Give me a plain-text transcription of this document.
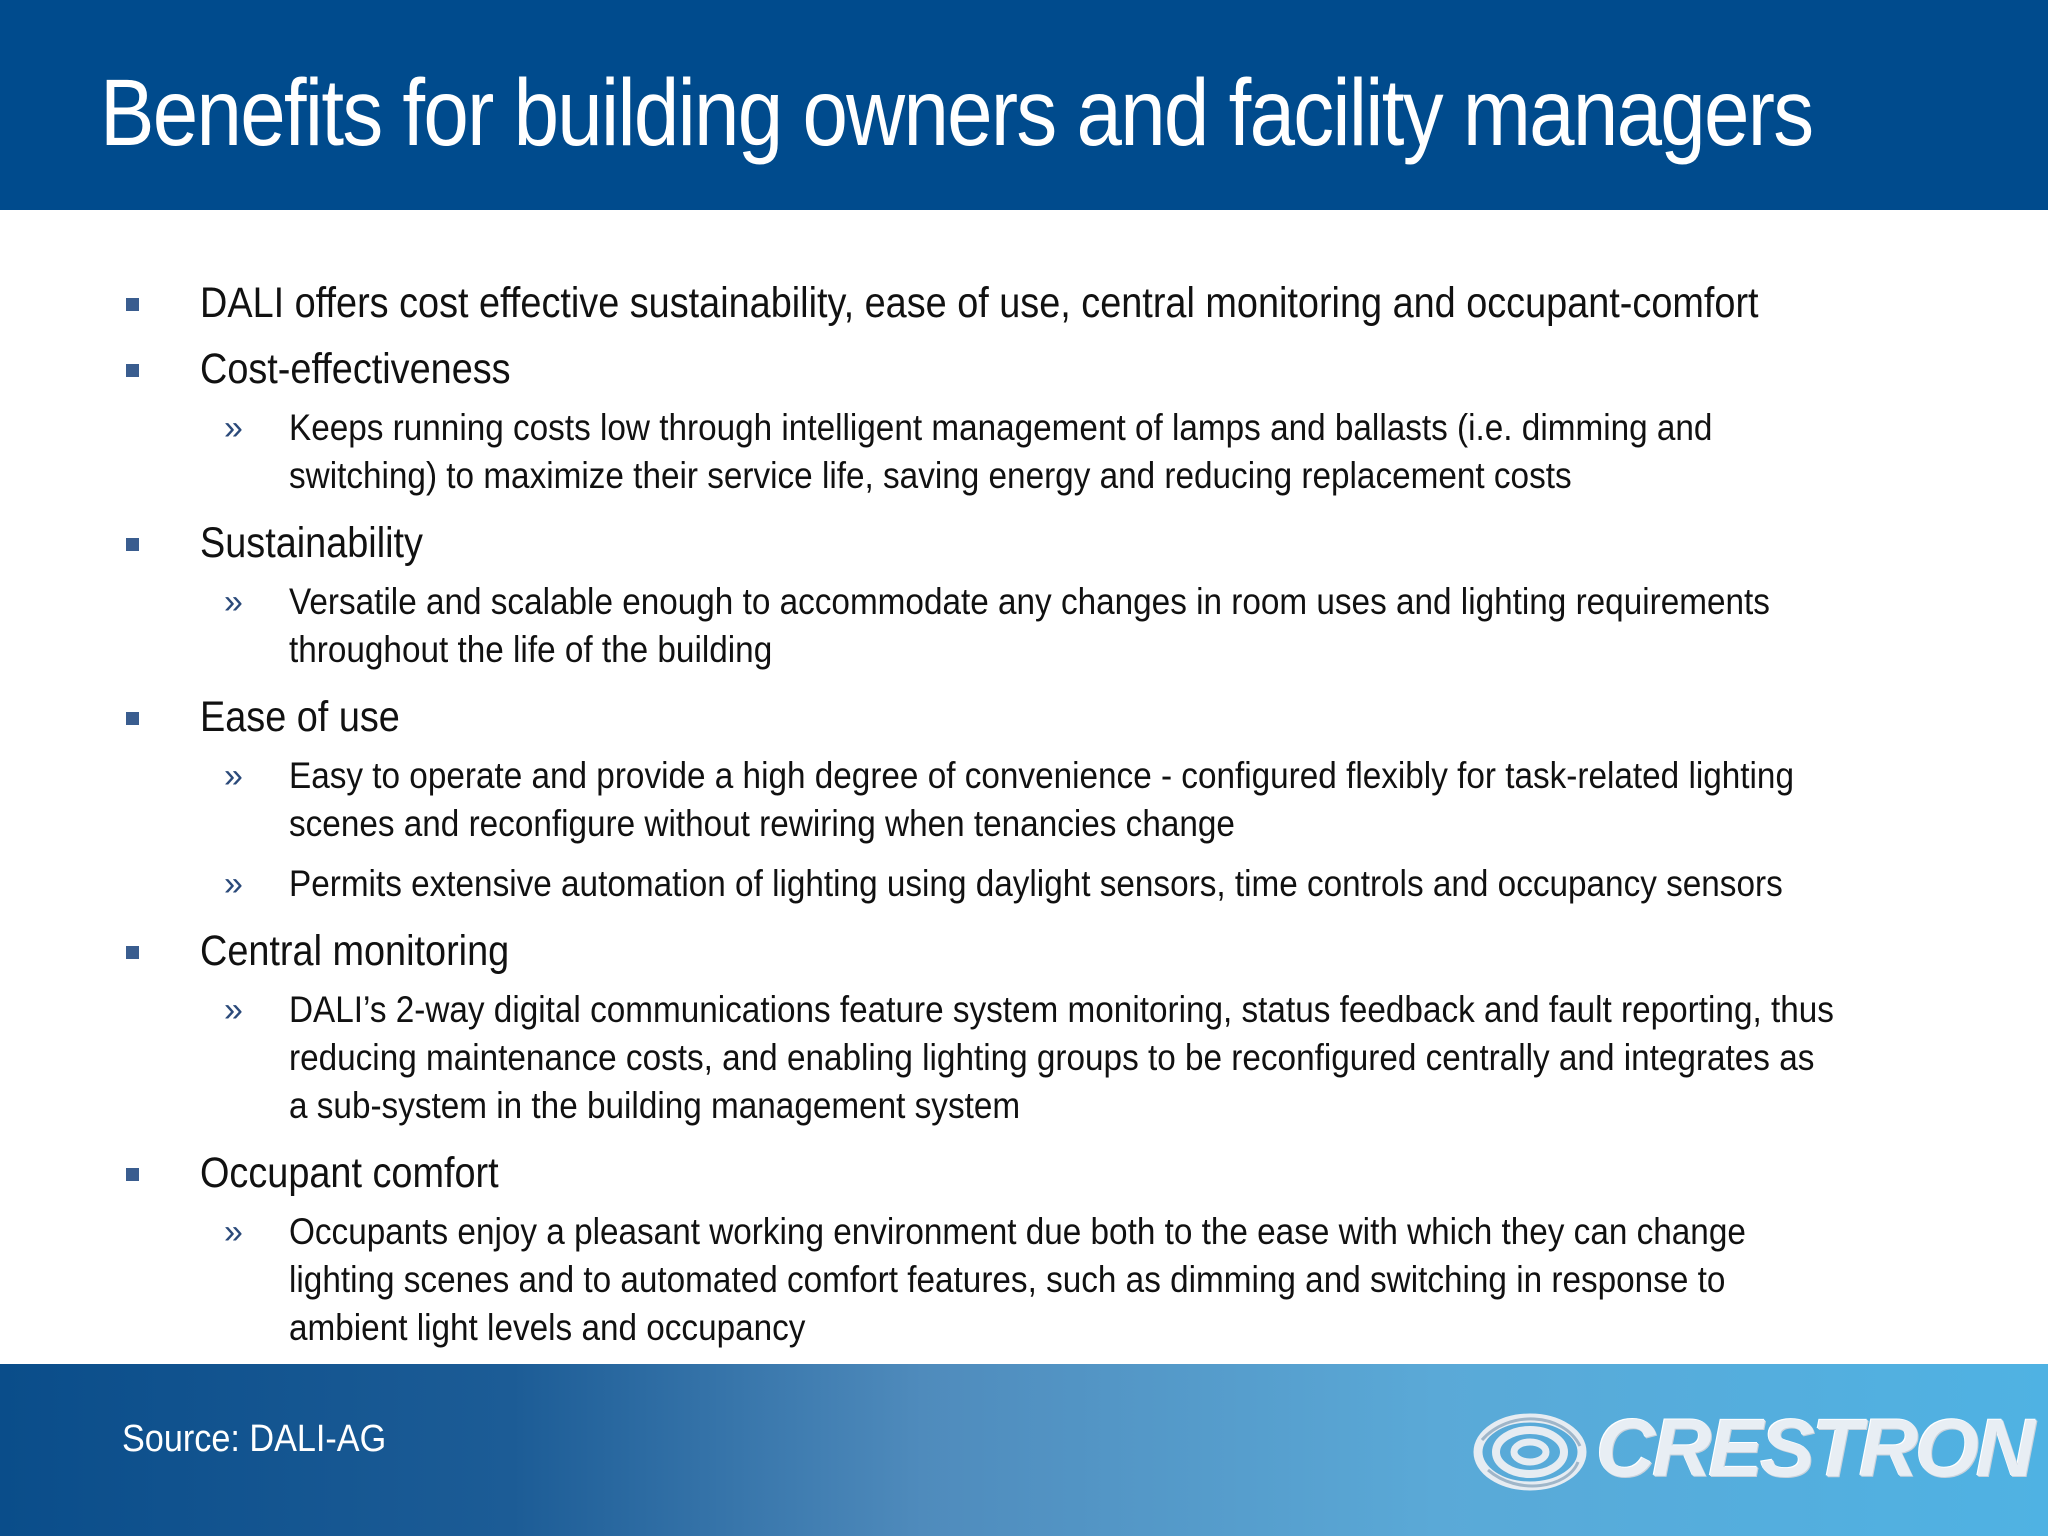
Benefits for building owners and facility managers
DALI offers cost effective sustainability, ease of use, central monitoring and occupant-comfort
Cost-effectiveness
» Keeps running costs low through intelligent management of lamps and ballasts (i.e. dimming and switching) to maximize their service life, saving energy and reducing replacement costs
Sustainability
» Versatile and scalable enough to accommodate any changes in room uses and lighting requirements throughout the life of the building
Ease of use
» Easy to operate and provide a high degree of convenience - configured flexibly for task-related lighting scenes and reconfigure without rewiring when tenancies change
» Permits extensive automation of lighting using daylight sensors, time controls and occupancy sensors
Central monitoring
» DALI’s 2-way digital communications feature system monitoring, status feedback and fault reporting, thus reducing maintenance costs, and enabling lighting groups to be reconfigured centrally and integrates as a sub-system in the building management system
Occupant comfort
» Occupants enjoy a pleasant working environment due both to the ease with which they can change lighting scenes and to automated comfort features, such as dimming and switching in response to ambient light levels and occupancy
Source: DALI-AG	CRESTRON
